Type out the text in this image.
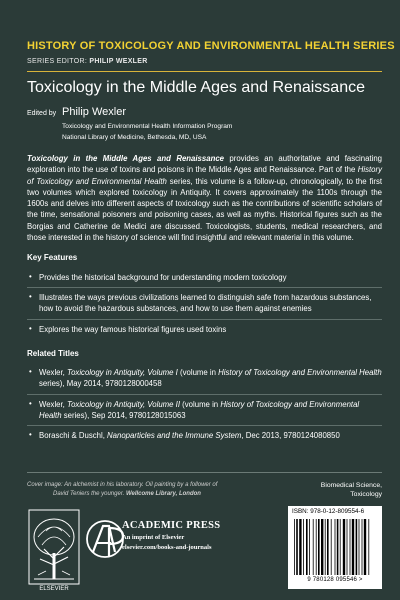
HISTORY OF TOXICOLOGY AND ENVIRONMENTAL HEALTH SERIES
SERIES EDITOR: PHILIP WEXLER
Toxicology in the Middle Ages and Renaissance
Edited by Philip Wexler
Toxicology and Environmental Health Information Program
National Library of Medicine, Bethesda, MD, USA

Toxicology in the Middle Ages and Renaissance provides an authoritative and fascinating exploration into the use of toxins and poisons in the Middle Ages and Renaissance. Part of the History of Toxicology and Environmental Health series, this volume is a follow-up, chronologically, to the first two volumes which explored toxicology in Antiquity. It covers approximately the 1100s through the 1600s and delves into different aspects of toxicology such as the contributions of scientific scholars of the time, sensational poisoners and poisoning cases, as well as myths. Historical figures such as the Borgias and Catherine de Medici are discussed. Toxicologists, students, medical researchers, and those interested in the history of science will find insightful and relevant material in this volume.

Key Features
• Provides the historical background for understanding modern toxicology
• Illustrates the ways previous civilizations learned to distinguish safe from hazardous substances, how to avoid the hazardous substances, and how to use them against enemies
• Explores the way famous historical figures used toxins
Related Titles
• Wexler, Toxicology in Antiquity, Volume I (volume in History of Toxicology and Environmental Health series), May 2014, 9780128000458
• Wexler, Toxicology in Antiquity, Volume II (volume in History of Toxicology and Environmental Health series), Sep 2014, 9780128015063
• Boraschi & Duschl, Nanoparticles and the Immune System, Dec 2013, 9780124080850
Cover image: An alchemist in his laboratory. Oil painting by a follower of
David Teniers the younger. Wellcome Library, London
Biomedical Science,
Toxicology
ELSEVIER
ACADEMIC PRESS
An imprint of Elsevier
elsevier.com/books-and-journals
ISBN: 978-0-12-809554-6
9 780128 095546 >
